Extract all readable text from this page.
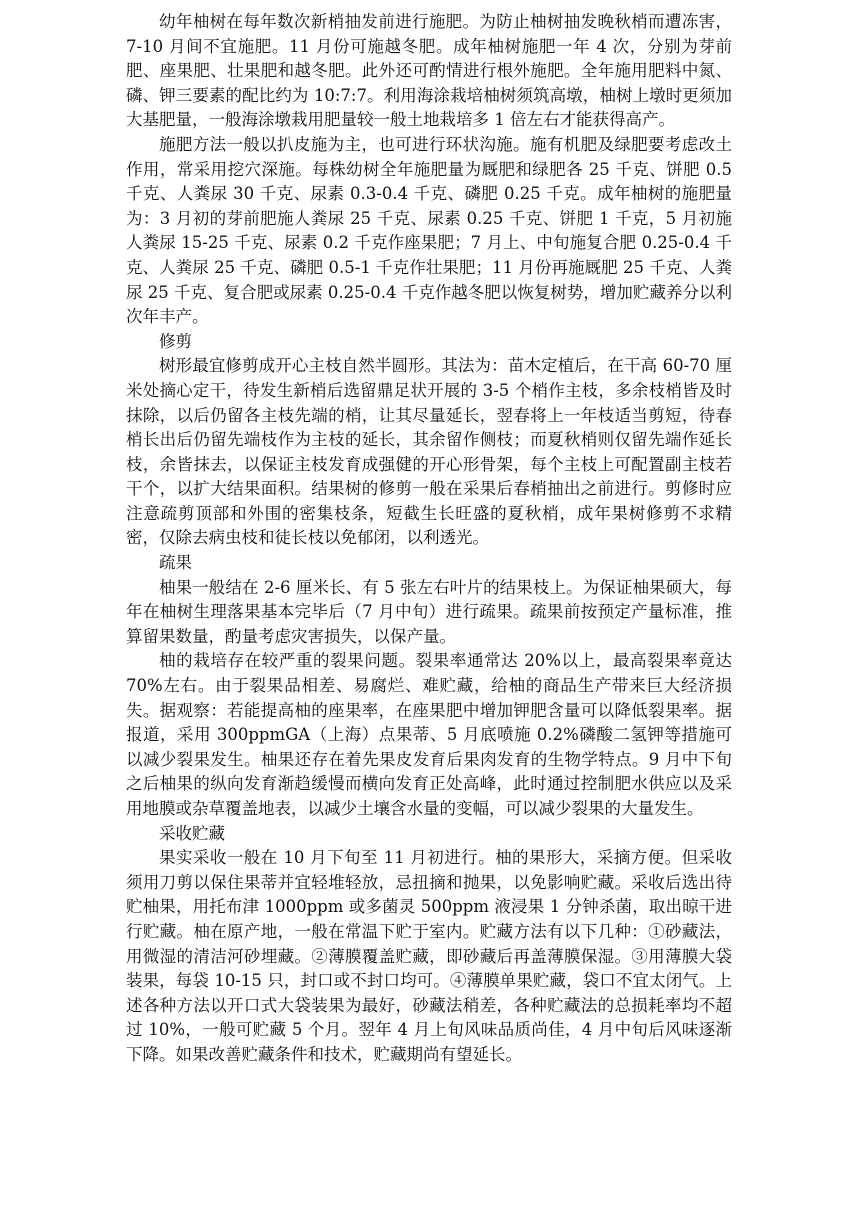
幼年柚树在每年数次新梢抽发前进行施肥。为防止柚树抽发晚秋梢而遭冻害，7-10 月间不宜施肥。11 月份可施越冬肥。成年柚树施肥一年 4 次，分别为芽前肥、座果肥、壮果肥和越冬肥。此外还可酌情进行根外施肥。全年施用肥料中氮、磷、钾三要素的配比约为 10:7:7。利用海涂栽培柚树须筑高墩，柚树上墩时更须加大基肥量，一般海涂墩栽用肥量较一般土地栽培多 1 倍左右才能获得高产。

施肥方法一般以扒皮施为主，也可进行环状沟施。施有机肥及绿肥要考虑改土作用，常采用挖穴深施。每株幼树全年施肥量为厩肥和绿肥各 25 千克、饼肥 0.5 千克、人粪尿 30 千克、尿素 0.3-0.4 千克、磷肥 0.25 千克。成年柚树的施肥量为：3 月初的芽前肥施人粪尿 25 千克、尿素 0.25 千克、饼肥 1 千克，5 月初施人粪尿 15-25 千克、尿素 0.2 千克作座果肥；7 月上、中旬施复合肥 0.25-0.4 千克、人粪尿 25 千克、磷肥 0.5-1 千克作壮果肥；11 月份再施厩肥 25 千克、人粪尿 25 千克、复合肥或尿素 0.25-0.4 千克作越冬肥以恢复树势，增加贮藏养分以利次年丰产。

修剪

树形最宜修剪成开心主枝自然半圆形。其法为：苗木定植后，在干高 60-70 厘米处摘心定干，待发生新梢后选留鼎足状开展的 3-5 个梢作主枝，多余枝梢皆及时抹除，以后仍留各主枝先端的梢，让其尽量延长，翌春将上一年枝适当剪短，待春梢长出后仍留先端枝作为主枝的延长，其余留作侧枝；而夏秋梢则仅留先端作延长枝，余皆抹去，以保证主枝发育成强健的开心形骨架，每个主枝上可配置副主枝若干个，以扩大结果面积。结果树的修剪一般在采果后春梢抽出之前进行。剪修时应注意疏剪顶部和外围的密集枝条，短截生长旺盛的夏秋梢，成年果树修剪不求精密，仅除去病虫枝和徒长枝以免郁闭，以利透光。

疏果

柚果一般结在 2-6 厘米长、有 5 张左右叶片的结果枝上。为保证柚果硕大，每年在柚树生理落果基本完毕后（7 月中旬）进行疏果。疏果前按预定产量标准，推算留果数量，酌量考虑灾害损失，以保产量。

柚的栽培存在较严重的裂果问题。裂果率通常达 20%以上，最高裂果率竟达 70%左右。由于裂果品相差、易腐烂、难贮藏，给柚的商品生产带来巨大经济损失。据观察：若能提高柚的座果率，在座果肥中增加钾肥含量可以降低裂果率。据报道，采用 300ppmGA（上海）点果蒂、5 月底喷施 0.2%磷酸二氢钾等措施可以减少裂果发生。柚果还存在着先果皮发育后果肉发育的生物学特点。9 月中下旬之后柚果的纵向发育渐趋缓慢而横向发育正处高峰，此时通过控制肥水供应以及采用地膜或杂草覆盖地表，以减少土壤含水量的变幅，可以减少裂果的大量发生。

采收贮藏

果实采收一般在 10 月下旬至 11 月初进行。柚的果形大，采摘方便。但采收须用刀剪以保住果蒂并宜轻堆轻放，忌扭摘和抛果，以免影响贮藏。采收后选出待贮柚果，用托布津 1000ppm 或多菌灵 500ppm 液浸果 1 分钟杀菌，取出晾干进行贮藏。柚在原产地，一般在常温下贮于室内。贮藏方法有以下几种：①砂藏法，用微湿的清洁河砂埋藏。②薄膜覆盖贮藏，即砂藏后再盖薄膜保湿。③用薄膜大袋装果，每袋 10-15 只，封口或不封口均可。④薄膜单果贮藏，袋口不宜太闭气。上述各种方法以开口式大袋装果为最好，砂藏法稍差，各种贮藏法的总损耗率均不超过 10%，一般可贮藏 5 个月。翌年 4 月上旬风味品质尚佳，4 月中旬后风味逐渐下降。如果改善贮藏条件和技术，贮藏期尚有望延长。
